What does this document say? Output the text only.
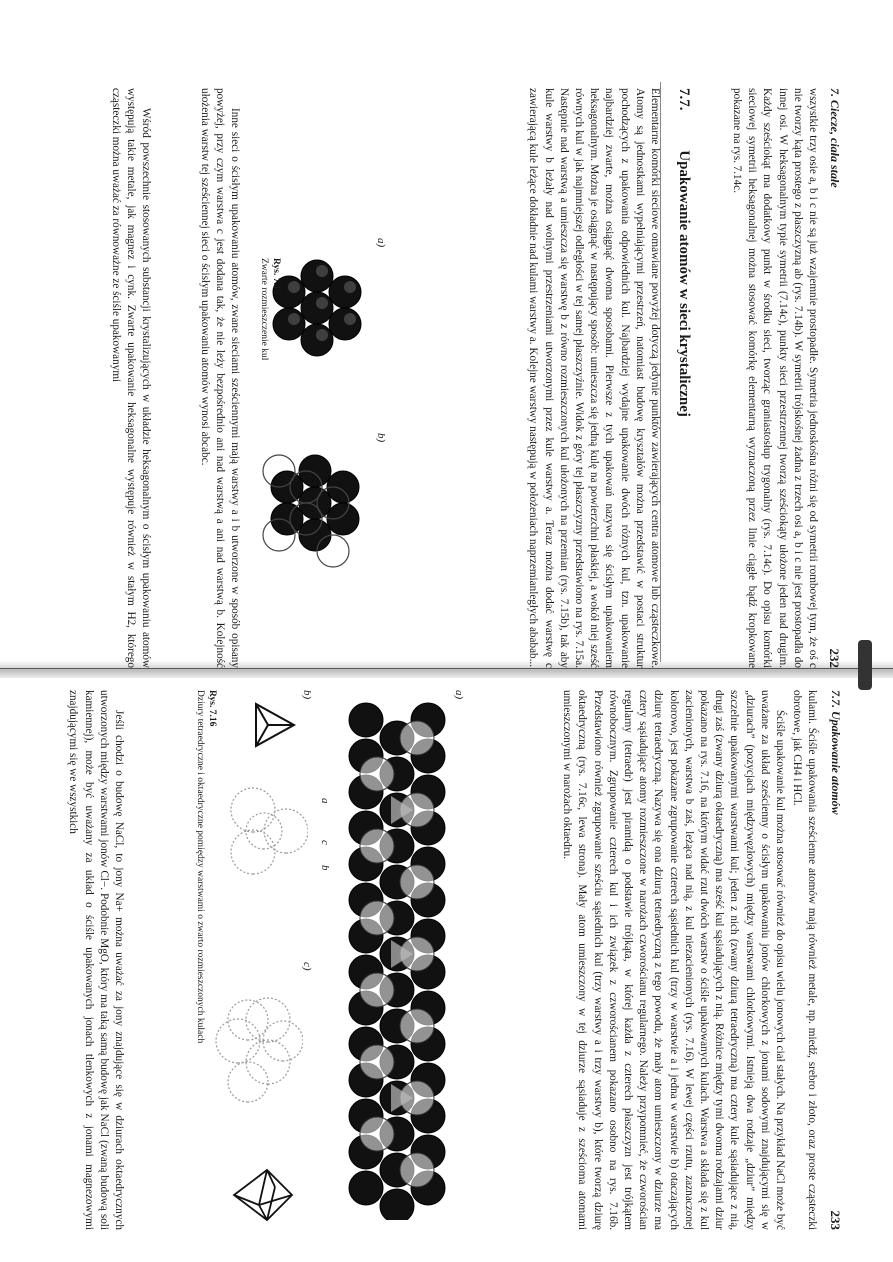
7. Ciecze, ciała stałe
232

wszystkie trzy osie a, b i c nie są już wzajemnie prostopadłe. Symetria jednoskośna różni się od symetrii rombowej tym, że oś c nie tworzy kąta prostego z płaszczyzną ab (rys. 7.14b). W symetrii trójskośnej żadna z trzech osi a, b i c nie jest prostopadła do innej osi. W heksagonalnym typie symetrii (7.14c), punkty sieci przestrzennej tworzą sześciokąty ułożone jeden nad drugim. Każdy sześciokąt ma dodatkowy punkt w środku sieci, tworząc graniastosłup trygonalny (rys. 7.14c). Do opisu komórki sieciowej symetrii heksagonalnej można stosować komórkę elementarną wyznaczoną przez linie ciągłe bądź kropkowane pokazane na rys. 7.14c.

7.7. Upakowanie atomów w sieci krystalicznej

Elementarne komórki sieciowe omawiane powyżej dotyczą jedynie punktów zawierających centra atomowe lub cząsteczkowe. Atomy są jednostkami wypełniającymi przestrzeń, natomiast budowę kryształów można przedstawić w postaci struktur pochodzących z upakowania odpowiednich kul. Najbardziej wydajne upakowanie dwóch różnych kul, tzn. upakowanie najbardziej zwarte, można osiągnąć dwoma sposobami. Pierwsze z tych upakowań nazywa się ścisłym upakowaniem heksagonalnym. Można je osiągnąć w następujący sposób: umieszcza się jedną kulę na powierzchni płaskiej, a wokół niej sześć równych kul w jak najmniejszej odległości w tej samej płaszczyźnie. Widok z góry tej płaszczyzny przedstawiono na rys. 7.15a. Następnie nad warstwą a umieszcza się warstwę b z równo rozmieszczonych kul ułożonych na przemian (rys. 7.15b), tak aby kule warstwy b leżały nad wolnymi przestrzeniami utworzonymi przez kule warstwy a. Teraz można dodać warstwę c zawierającą kule leżące dokładnie nad kulami warstwy a. Kolejne warstwy następują w położeniach naprzemianległych ababab...

a)
b)
Rys. 7.15
Zwarte rozmieszczenie kul

Inne sieci o ścisłym upakowaniu atomów, zwane sieciami sześciennymi mają warstwy a i b utworzone w sposób opisany powyżej, przy czym warstwa c jest dodana tak, że nie leży bezpośrednio ani nad warstwą a ani nad warstwą b. Kolejność ułożenia warstw tej sześciennej sieci o ścisłym upakowaniu atomów wynosi abcabc.

Wśród powszechnie stosowanych substancji krystalizujących w układzie heksagonalnym o ścisłym upakowaniu atomów występują takie metale, jak magnez i cynk. Zwarte upakowanie heksagonalne występuje również w stałym H2, którego cząsteczki można uważać za równoważne ze ściśle upakowanymi

7.7. Upakowanie atomów
233

kulami. Ściśle upakowania sześcienne atomów mają również metale, np. miedź, srebro i złoto, oraz proste cząsteczki obrotowe, jak CH4 i HCl.

Ściśle upakowanie kul można stosować również do opisu wielu jonowych ciał stałych. Na przykład NaCl może być uważane za układ sześcienny o ścisłym upakowaniu jonów chlorkowych z jonami sodowymi znajdującymi się w „dziurach” (pozycjach międzywęzłowych) między warstwami chlorkowymi. Istnieją dwa rodzaje „dziur” między szczelnie upakowanymi warstwami kul; jeden z nich (zwany dziurą tetraedryczną) ma cztery kule sąsiadujące z nią, drugi zaś (zwany dziurą oktaedryczną) ma sześć kul sąsiadujących z nią. Różnice między tymi dwoma rodzajami dziur pokazano na rys. 7.16, na którym widać rzut dwóch warstw o ściśle upakowanych kulach. Warstwa a składa się z kul zacienionych, warstwa b zaś, leżąca nad nią, z kul niezacienionych (rys. 7.16). W lewej części rzutu, zaznaczonej kolorowo, jest pokazane zgrupowanie czterech sąsiednich kul (trzy w warstwie a i jedna w warstwie b) otaczających dziurę tetraedryczną. Nazywa się ona dziurą tetraedryczną z tego powodu, że mały atom umieszczony w dziurze ma cztery sąsiadujące atomy rozmieszczone w narożach czworościanu regularnego. Należy przypomnieć, że czworościan regularny (tetraedr) jest piramidą o podstawie trójkąta, w której każda z czterech płaszczyzn jest trójkątem równobocznym. Zgrupowanie czterech kul i ich związek z czworościanem pokazano osobno na rys. 7.16b. Przedstawiono również zgrupowanie sześciu sąsiednich kul (trzy warstwy a i trzy warstwy b), które tworzą dziurę oktaedryczną (rys. 7.16c, lewa strona). Mały atom umieszczony w tej dziurze sąsiaduje z sześcioma atomami umieszczonymi w narożach oktaedru.

a)
a
c
b
b)
c)
Rys. 7.16
Dziury tetraedryczne i oktaedryczne pomiędzy warstwami o zwarto rozmieszczonych kulach

Jeśli chodzi o budowę NaCl, to jony Na+ można uważać za jony znajdujące się w dziurach oktaedrycznych utworzonych między warstwami jonów Cl−. Podobnie MgO, który ma taką samą budowę jak NaCl (zwaną budową soli kamiennej), może być uważany za układ o ściśle upakowanych jonach tlenkowych z jonami magnezowymi znajdującymi się we wszystkich
